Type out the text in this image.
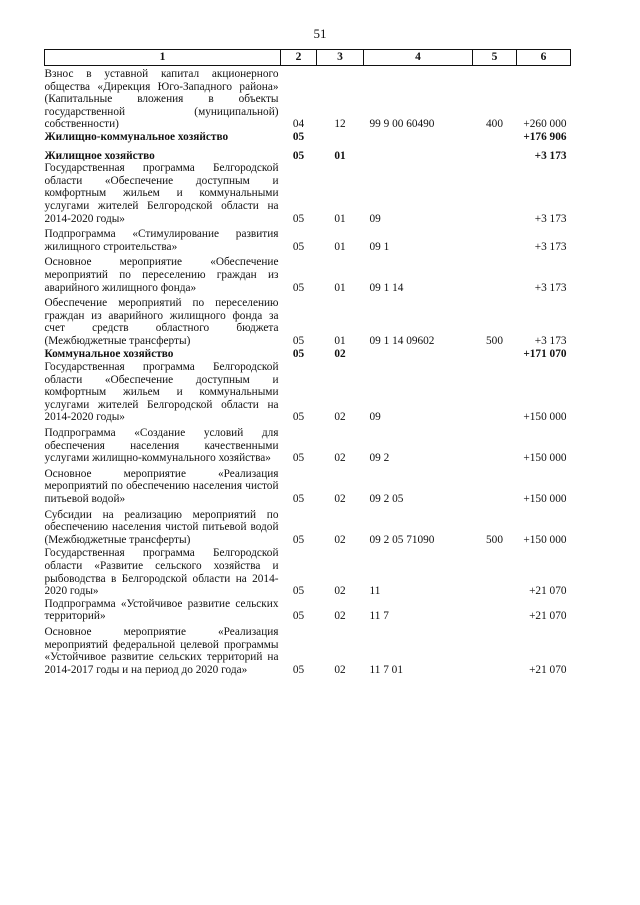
51
1	2	3	4	5	6
Взнос в уставной капитал акционерного общества «Дирекция Юго-Западного района» (Капитальные вложения в объекты государственной (муниципальной) собственности)	04	12	99 9 00 60490	400	+260 000
Жилищно-коммунальное хозяйство	05				+176 906
Жилищное хозяйство	05	01			+3 173
Государственная программа Белгородской области «Обеспечение доступным и комфортным жильем и коммунальными услугами жителей Белгородской области на 2014-2020 годы»	05	01	09		+3 173
Подпрограмма «Стимулирование развития жилищного строительства»	05	01	09 1		+3 173
Основное мероприятие «Обеспечение мероприятий по переселению граждан из аварийного жилищного фонда»	05	01	09 1 14		+3 173
Обеспечение мероприятий по переселению граждан из аварийного жилищного фонда за счет средств областного бюджета (Межбюджетные трансферты)	05	01	09 1 14 09602	500	+3 173
Коммунальное хозяйство	05	02			+171 070
Государственная программа Белгородской области «Обеспечение доступным и комфортным жильем и коммунальными услугами жителей Белгородской области на 2014-2020 годы»	05	02	09		+150 000
Подпрограмма «Создание условий для обеспечения населения качественными услугами жилищно-коммунального хозяйства»	05	02	09 2		+150 000
Основное мероприятие «Реализация мероприятий по обеспечению населения чистой питьевой водой»	05	02	09 2 05		+150 000
Субсидии на реализацию мероприятий по обеспечению населения чистой питьевой водой (Межбюджетные трансферты)	05	02	09 2 05 71090	500	+150 000
Государственная программа Белгородской области «Развитие сельского хозяйства и рыбоводства в Белгородской области на 2014-2020 годы»	05	02	11		+21 070
Подпрограмма «Устойчивое развитие сельских территорий»	05	02	11 7		+21 070
Основное мероприятие «Реализация мероприятий федеральной целевой программы «Устойчивое развитие сельских территорий на 2014-2017 годы и на период до 2020 года»	05	02	11 7 01		+21 070
